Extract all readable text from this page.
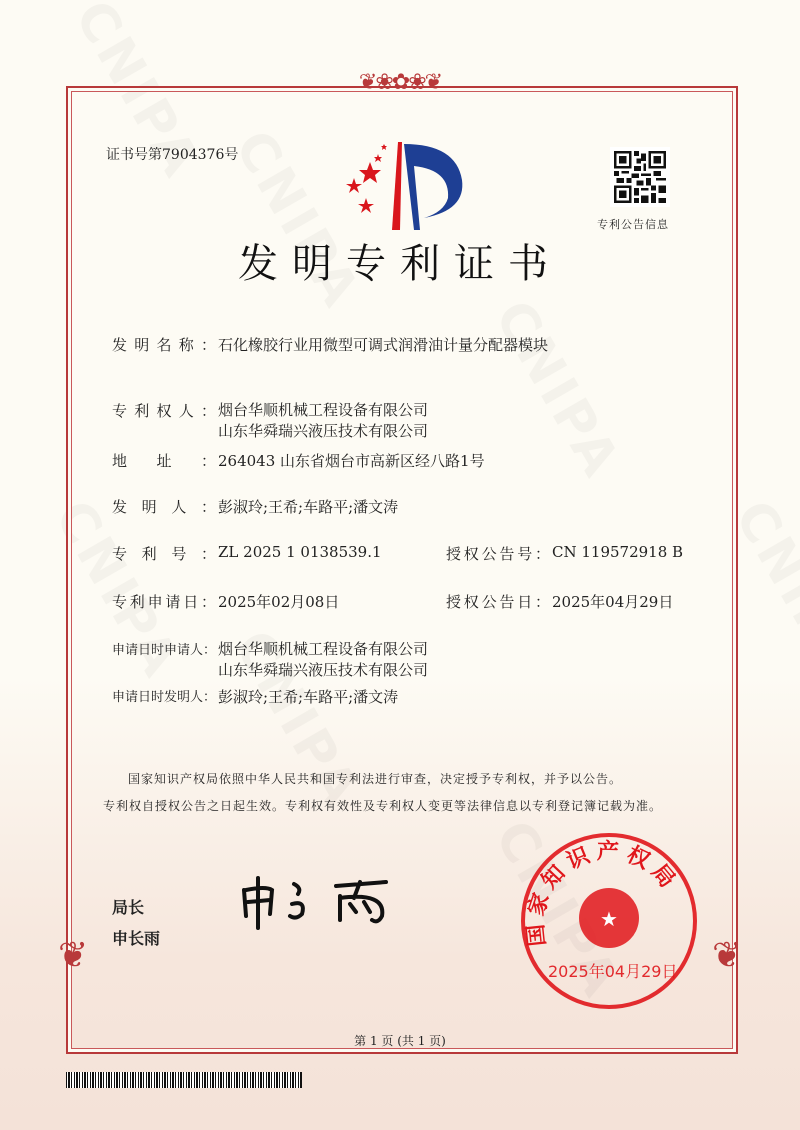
❦❀✿❀❦
❦	❦
证书号第7904376号
专利公告信息
发明专利证书
发明名称： 石化橡胶行业用微型可调式润滑油计量分配器模块
专利权人： 烟台华顺机械工程设备有限公司
山东华舜瑞兴液压技术有限公司
地址： 264043 山东省烟台市高新区经八路1号
发明人： 彭淑玲;王希;车路平;潘文涛
专利号： ZL 2025 1 0138539.1	授权公告号： CN 119572918 B
专利申请日： 2025年02月08日	授权公告日： 2025年04月29日
申请日时申请人： 烟台华顺机械工程设备有限公司
山东华舜瑞兴液压技术有限公司
申请日时发明人： 彭淑玲;王希;车路平;潘文涛
国家知识产权局依照中华人民共和国专利法进行审查，决定授予专利权，并予以公告。
专利权自授权公告之日起生效。专利权有效性及专利权人变更等法律信息以专利登记簿记载为准。
局长
申长雨	国家知识产权局
★
2025年04月29日
第 1 页 (共 1 页)
